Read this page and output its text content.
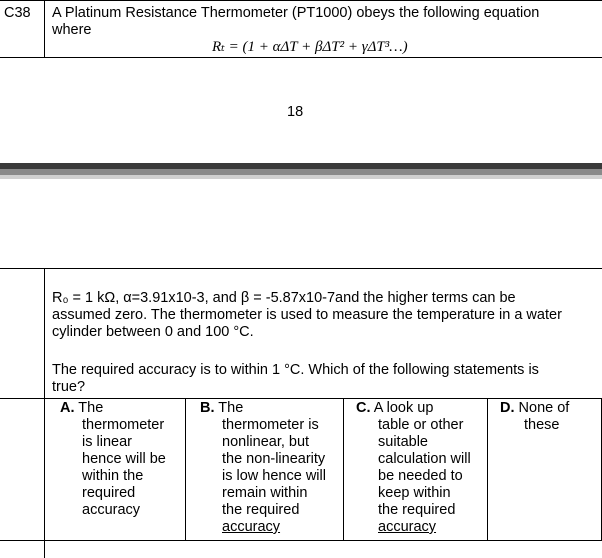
C38 A Platinum Resistance Thermometer (PT1000) obeys the following equation
where
Rₜ = (1 + αΔT + βΔT² + γΔT³…)
18
R₀ = 1 kΩ, α=3.91x10-3, and β = -5.87x10-7and the higher terms can be
assumed zero. The thermometer is used to measure the temperature in a water
cylinder between 0 and 100 °C.
The required accuracy is to within 1 °C. Which of the following statements is
true?
A. The
thermometer
is linear
hence will be
within the
required
accuracy
B. The
thermometer is
nonlinear, but
the non-linearity
is low hence will
remain within
the required
accuracy
C. A look up
table or other
suitable
calculation will
be needed to
keep within
the required
accuracy
D. None of
these
